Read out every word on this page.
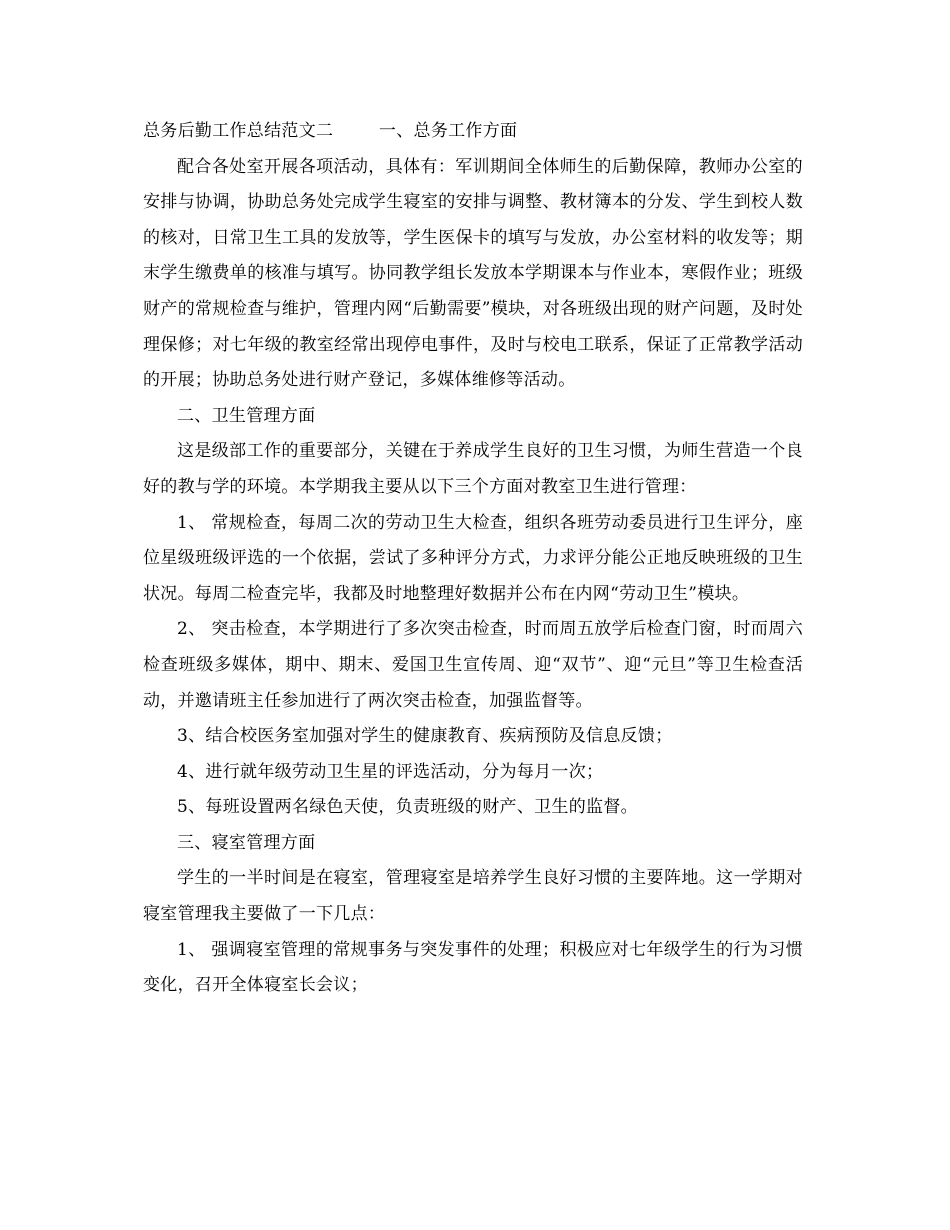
总务后勤工作总结范文二        一、总务工作方面

配合各处室开展各项活动，具体有：军训期间全体师生的后勤保障，教师办公室的安排与协调，协助总务处完成学生寝室的安排与调整、教材簿本的分发、学生到校人数的核对，日常卫生工具的发放等，学生医保卡的填写与发放，办公室材料的收发等；期末学生缴费单的核准与填写。协同教学组长发放本学期课本与作业本，寒假作业；班级财产的常规检查与维护，管理内网“后勤需要”模块，对各班级出现的财产问题，及时处理保修；对七年级的教室经常出现停电事件，及时与校电工联系，保证了正常教学活动的开展；协助总务处进行财产登记，多媒体维修等活动。

二、卫生管理方面

这是级部工作的重要部分，关键在于养成学生良好的卫生习惯，为师生营造一个良好的教与学的环境。本学期我主要从以下三个方面对教室卫生进行管理：

1、 常规检查，每周二次的劳动卫生大检查，组织各班劳动委员进行卫生评分，座位星级班级评选的一个依据，尝试了多种评分方式，力求评分能公正地反映班级的卫生状况。每周二检查完毕，我都及时地整理好数据并公布在内网“劳动卫生”模块。

2、 突击检查，本学期进行了多次突击检查，时而周五放学后检查门窗，时而周六检查班级多媒体，期中、期末、爱国卫生宣传周、迎“双节”、迎“元旦”等卫生检查活动，并邀请班主任参加进行了两次突击检查，加强监督等。

3、结合校医务室加强对学生的健康教育、疾病预防及信息反馈；

4、进行就年级劳动卫生星的评选活动，分为每月一次；

5、每班设置两名绿色天使，负责班级的财产、卫生的监督。

三、寝室管理方面

学生的一半时间是在寝室，管理寝室是培养学生良好习惯的主要阵地。这一学期对寝室管理我主要做了一下几点：

1、 强调寝室管理的常规事务与突发事件的处理；积极应对七年级学生的行为习惯变化，召开全体寝室长会议；
